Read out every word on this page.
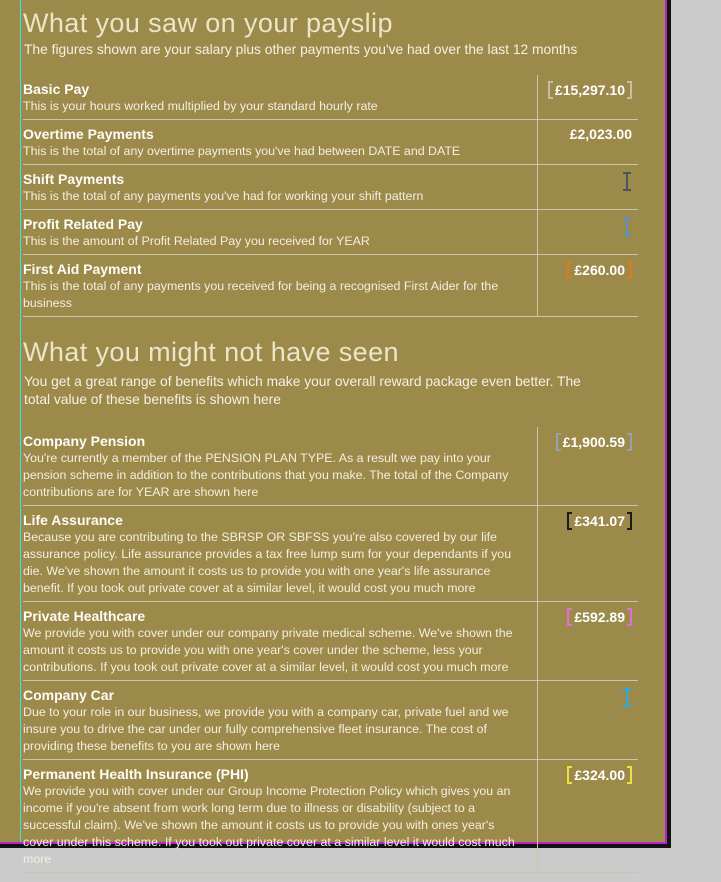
What you saw on your payslip
The figures shown are your salary plus other payments you've had over the last 12 months
Basic Pay
This is your hours worked multiplied by your standard hourly rate
£15,297.10
Overtime Payments
This is the total of any overtime payments you've had between DATE and DATE
£2,023.00
Shift Payments
This is the total of any payments you've had for working your shift pattern
Profit Related Pay
This is the amount of Profit Related Pay you received for YEAR
First Aid Payment
This is the total of any payments you received for being a recognised First Aider for the business
£260.00
What you might not have seen
You get a great range of benefits which make your overall reward package even better. The total value of these benefits is shown here
Company Pension
You're currently a member of the PENSION PLAN TYPE. As a result we pay into your pension scheme in addition to the contributions that you make. The total of the Company contributions are for YEAR are shown here
£1,900.59
Life Assurance
Because you are contributing to the SBRSP OR SBFSS you're also covered by our life assurance policy. Life assurance provides a tax free lump sum for your dependants if you die. We've shown the amount it costs us to provide you with one year's life assurance benefit. If you took out private cover at a similar level, it would cost you much more
£341.07
Private Healthcare
We provide you with cover under our company private medical scheme. We've shown the amount it costs us to provide you with one year's cover under the scheme, less your contributions. If you took out private cover at a similar level, it would cost you much more
£592.89
Company Car
Due to your role in our business, we provide you with a company car, private fuel and we insure you to drive the car under our fully comprehensive fleet insurance. The cost of providing these benefits to you are shown here
Permanent Health Insurance (PHI)
We provide you with cover under our Group Income Protection Policy which gives you an income if you're absent from work long term due to illness or disability (subject to a successful claim). We've shown the amount it costs us to provide you with ones year's cover under this scheme. If you took out private cover at a similar level it would cost much more
£324.00
